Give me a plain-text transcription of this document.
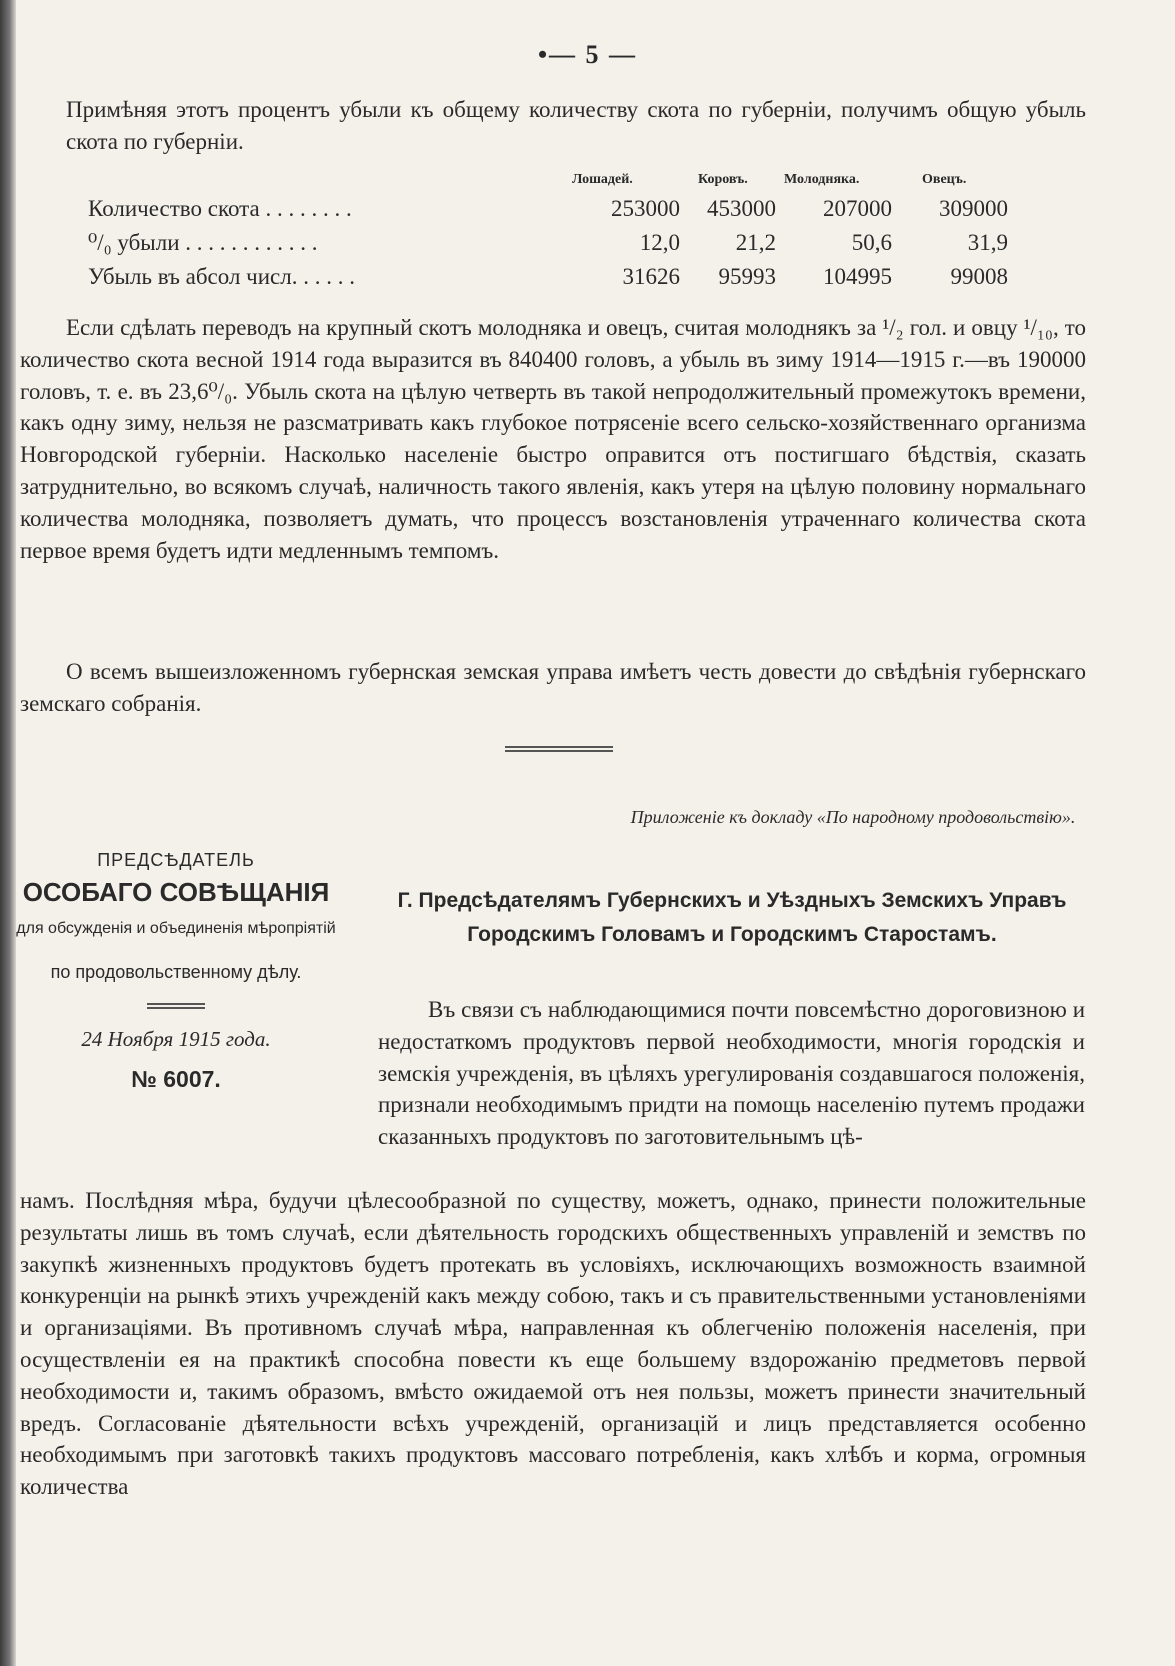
•— 5 —

Примѣняя этотъ процентъ убыли къ общему количеству скота по губерніи, получимъ общую убыль скота по губерніи.

Лошадей.	Коровъ.	Молодняка.	Овецъ.
Количество скота . . . . . . . .	253000	453000	207000	309000
⁰/₀ убыли . . . . . . . . . . . .	12,0	21,2	50,6	31,9
Убыль въ абсол числ. . . . . .	31626	95993	104995	99008

Если сдѣлать переводъ на крупный скотъ молодняка и овецъ, считая молоднякъ за ¹/₂ гол. и овцу ¹/₁₀, то количество скота весной 1914 года выразится въ 840400 головъ, а убыль въ зиму 1914—1915 г.—въ 190000 головъ, т. е. въ 23,6⁰/₀. Убыль скота на цѣлую четверть въ такой непродолжительный промежутокъ времени, какъ одну зиму, нельзя не разсматривать какъ глубокое потрясеніе всего сельско-хозяйственнаго организма Новгородской губерніи. Насколько населеніе быстро оправится отъ постигшаго бѣдствія, сказать затруднительно, во всякомъ случаѣ, наличность такого явленія, какъ утеря на цѣлую половину нормальнаго количества молодняка, позволяетъ думать, что процессъ возстановленія утраченнаго количества скота первое время будетъ идти медленнымъ темпомъ.

О всемъ вышеизложенномъ губернская земская управа имѣетъ честь довести до свѣдѣнія губернскаго земскаго собранія.

Приложеніе къ докладу «По народному продовольствію».
ПРЕДСѢДАТЕЛЬ
ОСОБАГО СОВѢЩАНІЯ
для обсужденія и объединенія мѣропріятій
по продовольственному дѣлу.
24 Ноября 1915 года.
№ 6007.
Г. Предсѣдателямъ Губернскихъ и Уѣздныхъ Земскихъ Управъ Городскимъ Головамъ и Городскимъ Старостамъ.

Въ связи съ наблюдающимися почти повсемѣстно дороговизною и недостаткомъ продуктовъ первой необходимости, многія городскія и земскія учрежденія, въ цѣляхъ урегулированія создавшагося положенія, признали необходимымъ придти на помощь населенію путемъ продажи сказанныхъ продуктовъ по заготовительнымъ цѣ-

намъ. Послѣдняя мѣра, будучи цѣлесообразной по существу, можетъ, однако, принести положительные результаты лишь въ томъ случаѣ, если дѣятельность городскихъ общественныхъ управленій и земствъ по закупкѣ жизненныхъ продуктовъ будетъ протекать въ условіяхъ, исключающихъ возможность взаимной конкуренціи на рынкѣ этихъ учрежденій какъ между собою, такъ и съ правительственными установленіями и организаціями. Въ противномъ случаѣ мѣра, направленная къ облегченію положенія населенія, при осуществленіи ея на практикѣ способна повести къ еще большему вздорожанію предметовъ первой необходимости и, такимъ образомъ, вмѣсто ожидаемой отъ нея пользы, можетъ принести значительный вредъ. Согласованіе дѣятельности всѣхъ учрежденій, организацій и лицъ представляется особенно необходимымъ при заготовкѣ такихъ продуктовъ массоваго потребленія, какъ хлѣбъ и корма, огромныя количества
